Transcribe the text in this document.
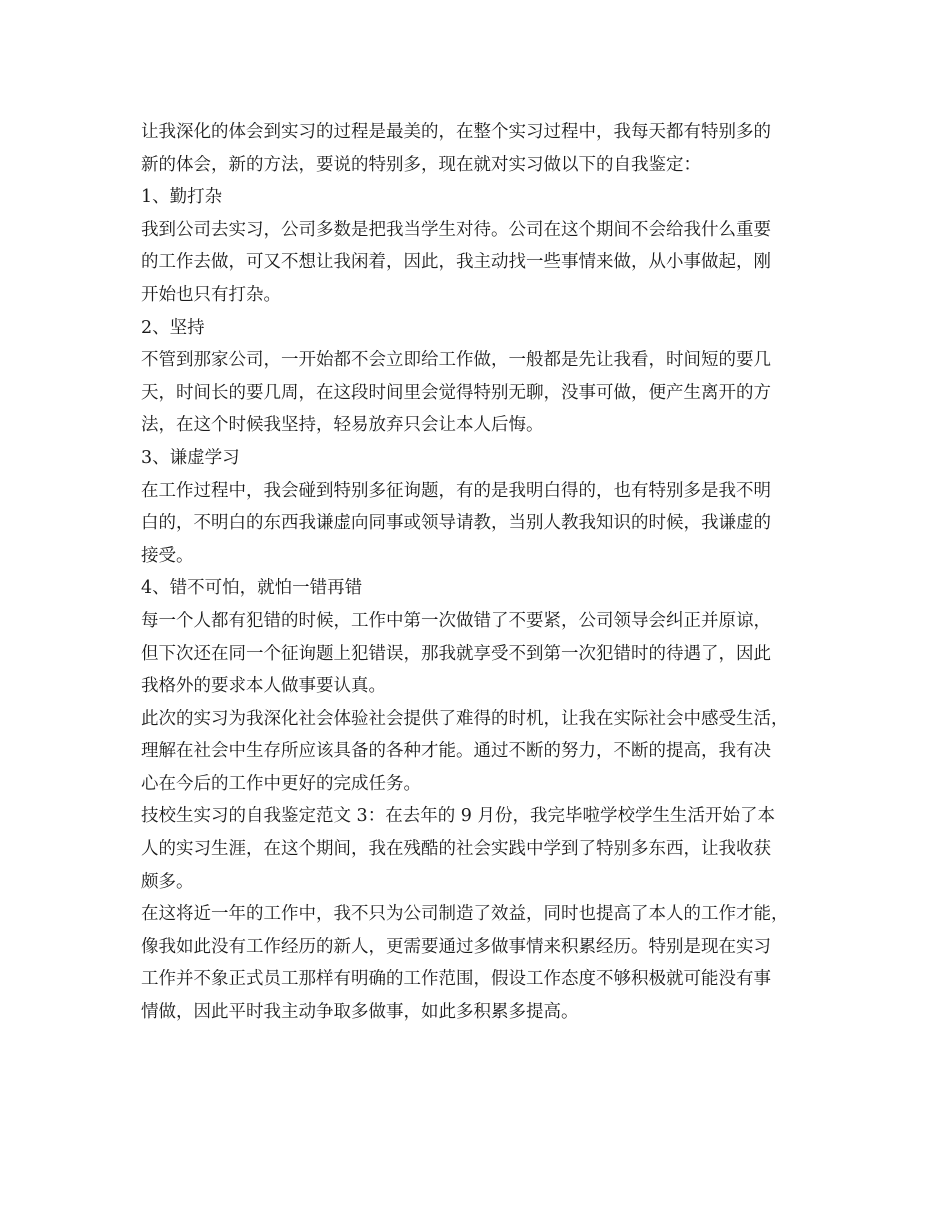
让我深化的体会到实习的过程是最美的，在整个实习过程中，我每天都有特别多的
新的体会，新的方法，要说的特别多，现在就对实习做以下的自我鉴定：
1、勤打杂
我到公司去实习，公司多数是把我当学生对待。公司在这个期间不会给我什么重要
的工作去做，可又不想让我闲着，因此，我主动找一些事情来做，从小事做起，刚
开始也只有打杂。
2、坚持
不管到那家公司，一开始都不会立即给工作做，一般都是先让我看，时间短的要几
天，时间长的要几周，在这段时间里会觉得特别无聊，没事可做，便产生离开的方
法，在这个时候我坚持，轻易放弃只会让本人后悔。
3、谦虚学习
在工作过程中，我会碰到特别多征询题，有的是我明白得的，也有特别多是我不明
白的，不明白的东西我谦虚向同事或领导请教，当别人教我知识的时候，我谦虚的
接受。
4、错不可怕，就怕一错再错
每一个人都有犯错的时候，工作中第一次做错了不要紧，公司领导会纠正并原谅，
但下次还在同一个征询题上犯错误，那我就享受不到第一次犯错时的待遇了，因此
我格外的要求本人做事要认真。
此次的实习为我深化社会体验社会提供了难得的时机，让我在实际社会中感受生活，
理解在社会中生存所应该具备的各种才能。通过不断的努力，不断的提高，我有决
心在今后的工作中更好的完成任务。
技校生实习的自我鉴定范文 3：在去年的 9 月份，我完毕啦学校学生生活开始了本
人的实习生涯，在这个期间，我在残酷的社会实践中学到了特别多东西，让我收获
颇多。
在这将近一年的工作中，我不只为公司制造了效益，同时也提高了本人的工作才能，
像我如此没有工作经历的新人，更需要通过多做事情来积累经历。特别是现在实习
工作并不象正式员工那样有明确的工作范围，假设工作态度不够积极就可能没有事
情做，因此平时我主动争取多做事，如此多积累多提高。
